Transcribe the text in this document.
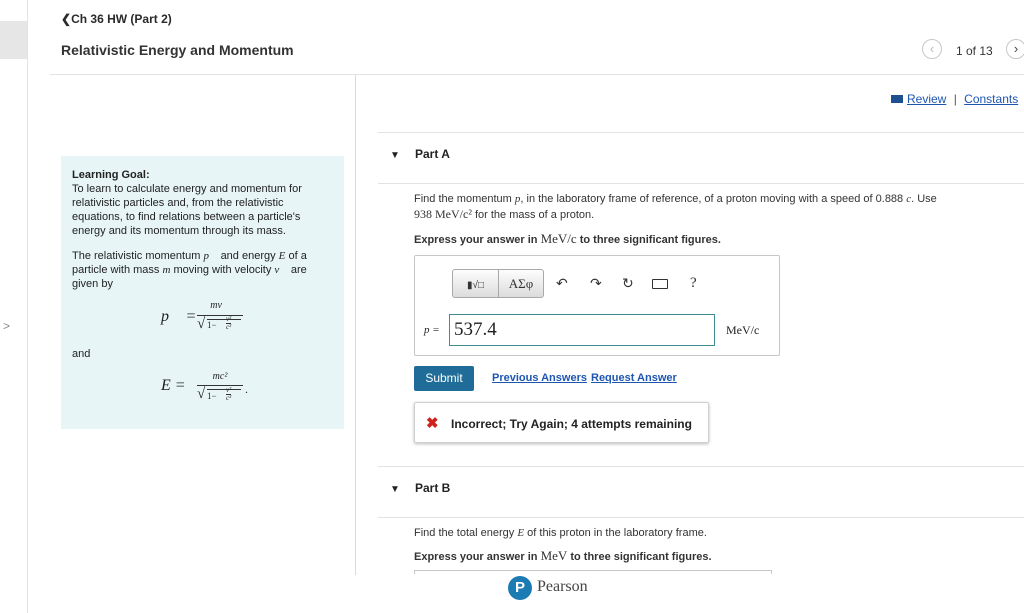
>
❮Ch 36 HW (Part 2)
Relativistic Energy and Momentum	‹	1 of 13	›
Review | Constants
Learning Goal:
To learn to calculate energy and momentum for relativistic particles and, from the relativistic equations, to find relations between a particle's energy and its momentum through its mass.
The relativistic momentum p and energy E of a particle with mass m moving with velocity v are given by
p⃗ =
mv⃗
√ 1−
v²

c²
and
E =
mc²
√ 1−
v²

c²
.
▼ Part A
Find the momentum p, in the laboratory frame of reference, of a proton moving with a speed of 0.888 c. Use
938 MeV/c² for the mass of a proton.
Express your answer in MeV/c to three significant figures.
▮√□	ΑΣφ	↶ ↷ ↻	?
p = 537.4	MeV/c
Submit	Previous Answers Request Answer
✖ Incorrect; Try Again; 4 attempts remaining
▼ Part B
Find the total energy E of this proton in the laboratory frame.
Express your answer in MeV to three significant figures.
P Pearson
